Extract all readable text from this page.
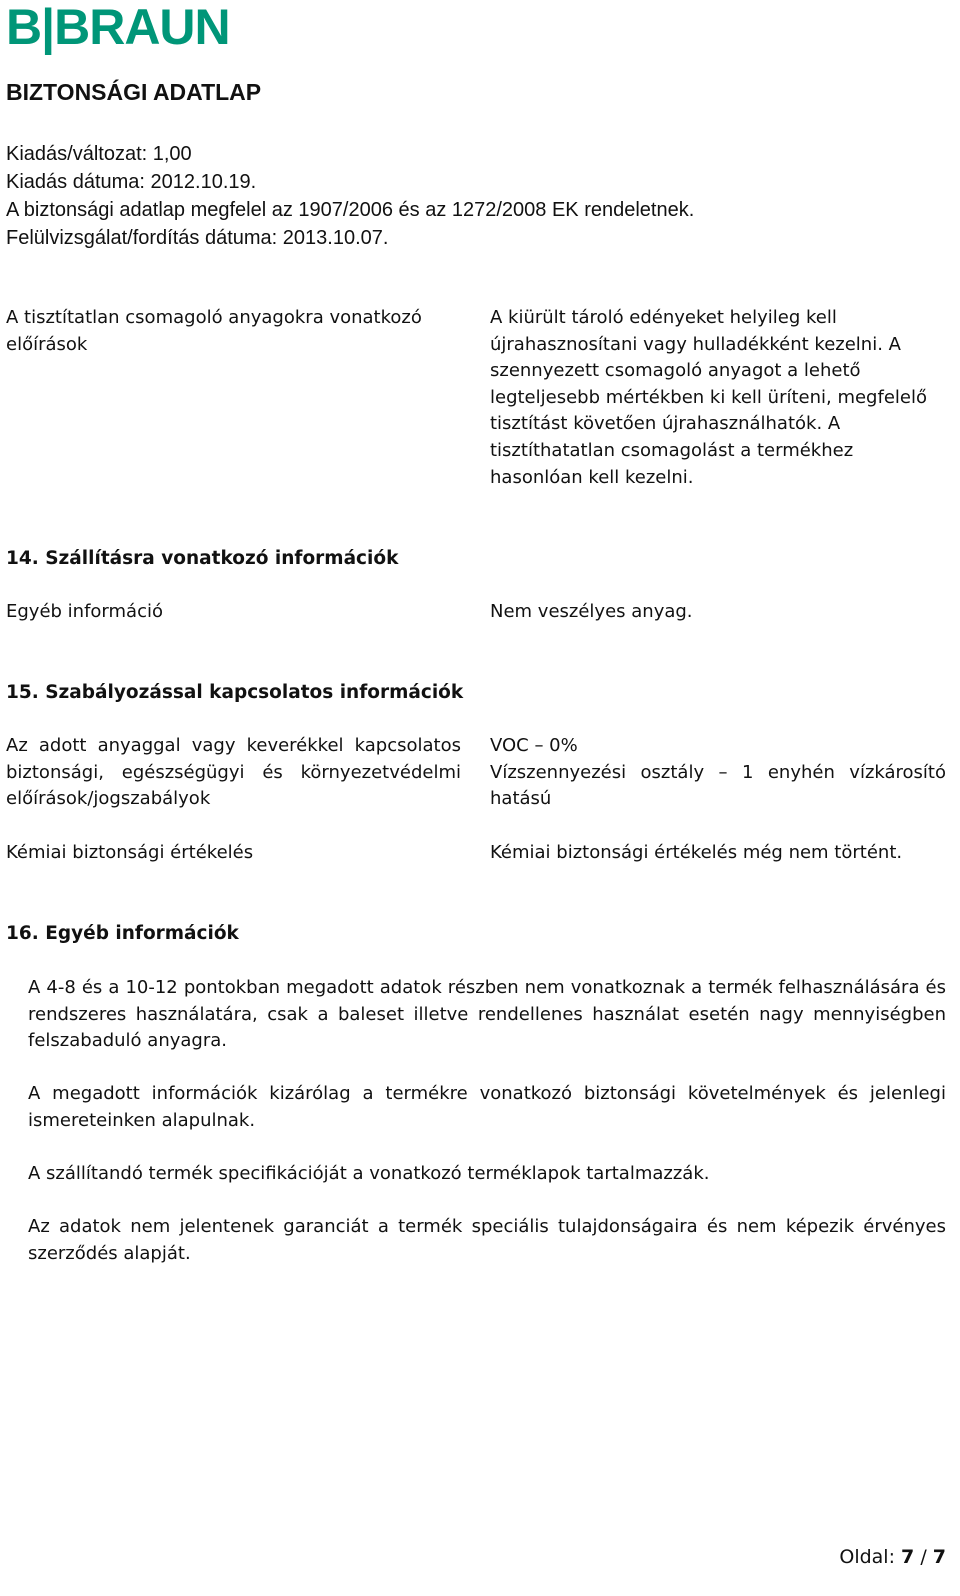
B|BRAUN
BIZTONSÁGI ADATLAP
Kiadás/változat: 1,00
Kiadás dátuma: 2012.10.19.
A biztonsági adatlap megfelel az 1907/2006 és az 1272/2008 EK rendeletnek.
Felülvizsgálat/fordítás dátuma: 2013.10.07.
A tisztítatlan csomagoló anyagokra vonatkozó előírások
A kiürült tároló edényeket helyileg kell újrahasznosítani vagy hulladékként kezelni. A szennyezett csomagoló anyagot a lehető legteljesebb mértékben ki kell üríteni, megfelelő tisztítást követően újrahasználhatók. A tisztíthatatlan csomagolást a termékhez hasonlóan kell kezelni.
14. Szállításra vonatkozó információk
Egyéb információ	Nem veszélyes anyag.
15. Szabályozással kapcsolatos információk
Az adott anyaggal vagy keverékkel kapcsolatos biztonsági, egészségügyi és környezetvédelmi előírások/jogszabályok
VOC – 0%
Vízszennyezési osztály – 1 enyhén vízkárosító hatású
Kémiai biztonsági értékelés	Kémiai biztonsági értékelés még nem történt.
16. Egyéb információk
A 4-8 és a 10-12 pontokban megadott adatok részben nem vonatkoznak a termék felhasználására és rendszeres használatára, csak a baleset illetve rendellenes használat esetén nagy mennyiségben felszabaduló anyagra.
A megadott információk kizárólag a termékre vonatkozó biztonsági követelmények és jelenlegi ismereteinken alapulnak.
A szállítandó termék specifikációját a vonatkozó terméklapok tartalmazzák.
Az adatok nem jelentenek garanciát a termék speciális tulajdonságaira és nem képezik érvényes szerződés alapját.
Oldal: 7 / 7
